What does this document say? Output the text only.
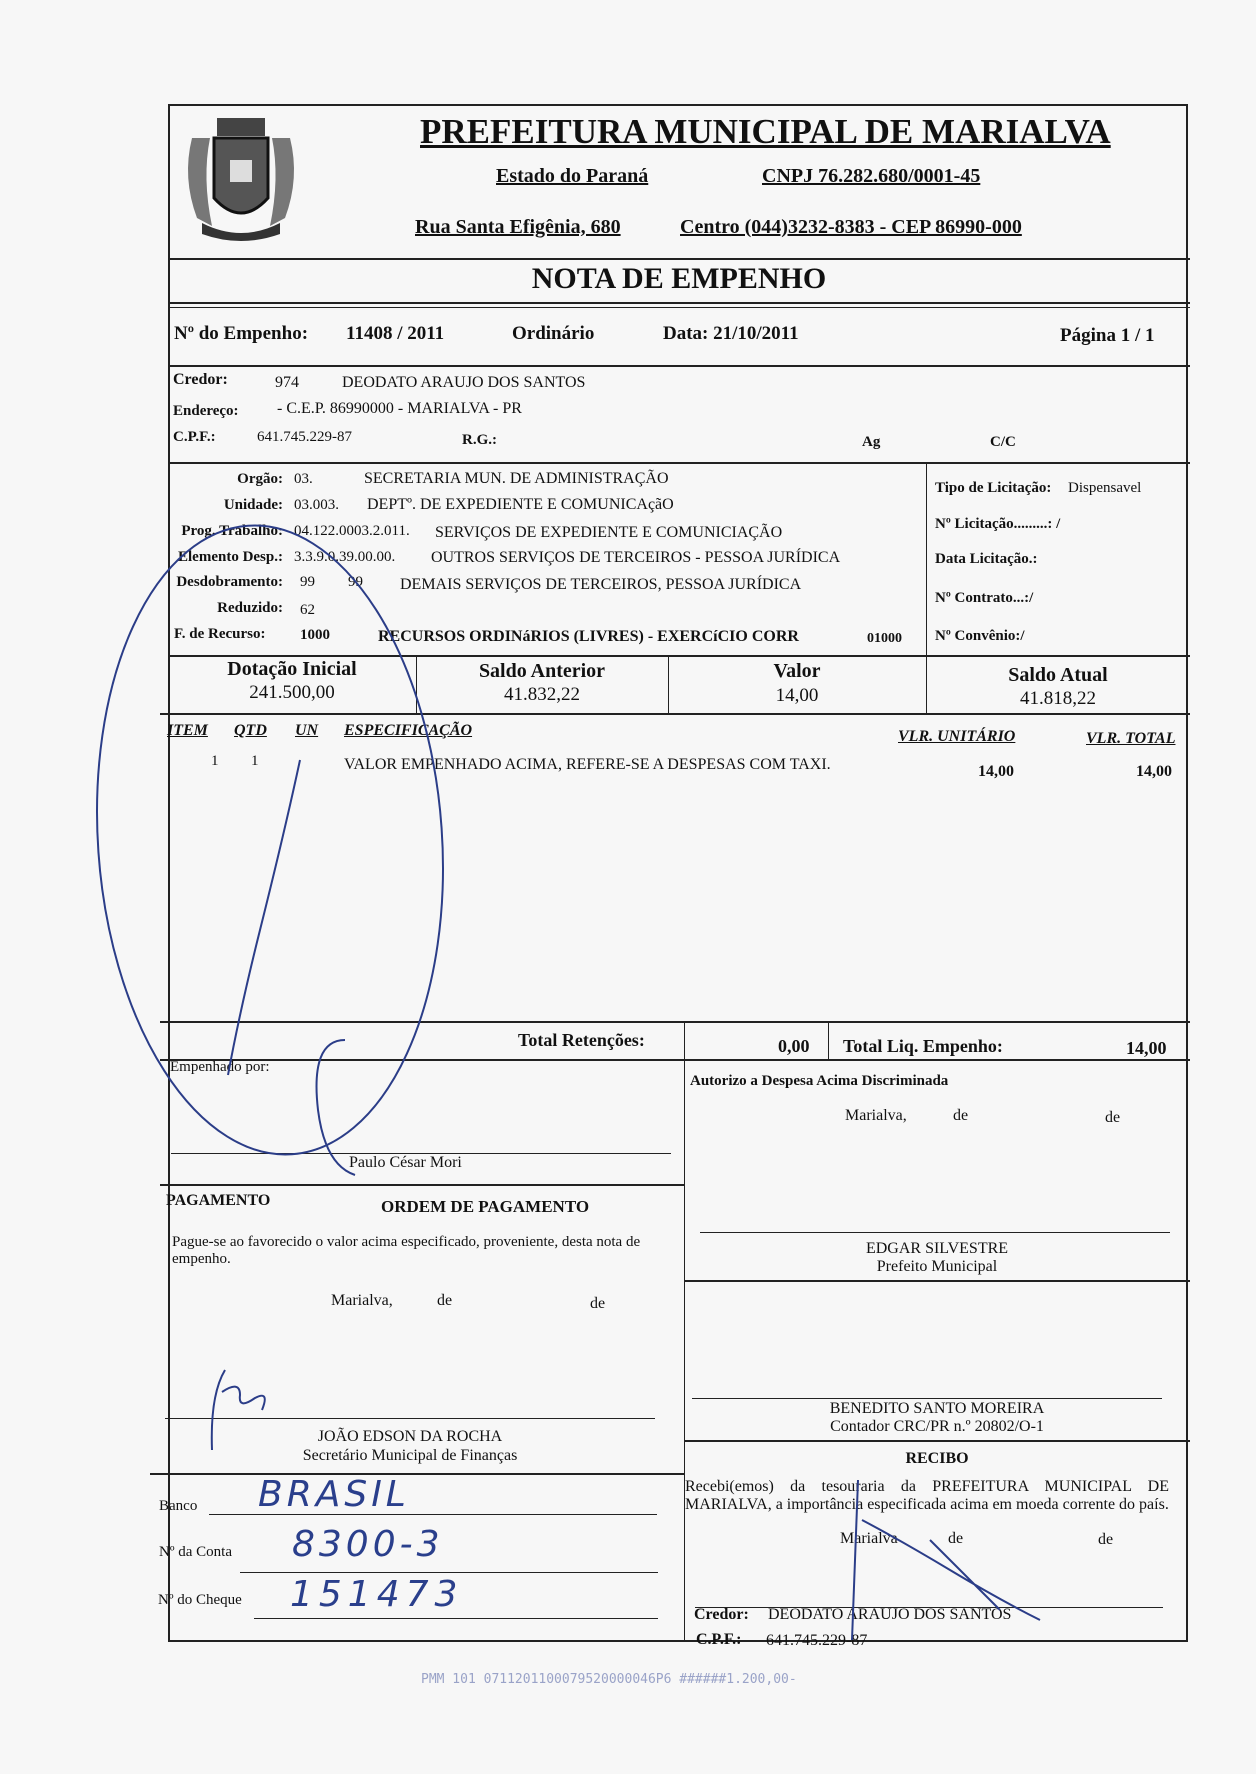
PREFEITURA MUNICIPAL DE MARIALVA
Estado do Paraná	CNPJ 76.282.680/0001-45
Rua Santa Efigênia, 680	Centro (044)3232-8383 - CEP 86990-000
NOTA DE EMPENHO
Nº do Empenho: 11408 / 2011	Ordinário	Data: 21/10/2011	Página 1 / 1
Credor:	974	DEODATO ARAUJO DOS SANTOS
Endereço: - C.E.P. 86990000 - MARIALVA - PR
C.P.F.:	641.745.229-87	R.G.:	Ag	C/C
Orgão: 03.	SECRETARIA MUN. DE ADMINISTRAÇÃO
Unidade: 03.003. DEPTº. DE EXPEDIENTE E COMUNICAçãO
Prog. Trabalho: 04.122.0003.2.011. SERVIÇOS DE EXPEDIENTE E COMUNICIAÇÃO
Elemento Desp.: 3.3.9.0.39.00.00. OUTROS SERVIÇOS DE TERCEIROS - PESSOA JURÍDICA
Desdobramento: 99 99 DEMAIS SERVIÇOS DE TERCEIROS, PESSOA JURÍDICA
Reduzido: 62
F. de Recurso: 1000	RECURSOS ORDINáRIOS (LIVRES) - EXERCíCIO CORR	01000
Tipo de Licitação: Dispensavel
Nº Licitação.........: /
Data Licitação.:
Nº Contrato...:/
Nº Convênio:/
Dotação Inicial
241.500,00
Saldo Anterior
41.832,22
Valor
14,00
Saldo Atual
41.818,22
ITEM QTD UN ESPECIFICAÇÃO	VLR. UNITÁRIO	VLR. TOTAL
1 1	VALOR EMPENHADO ACIMA, REFERE-SE A DESPESAS COM TAXI.	14,00	14,00
Total Retenções:	0,00 Total Liq. Empenho:	14,00
Empenhado por:
Paulo César Mori
Autorizo a Despesa Acima Discriminada
Marialva,	de	de
EDGAR SILVESTRE
Prefeito Municipal
PAGAMENTO	ORDEM DE PAGAMENTO
Pague-se ao favorecido o valor acima especificado, proveniente, desta nota de empenho.
Marialva,	de	de
JOÃO EDSON DA ROCHA
Secretário Municipal de Finanças
BENEDITO SANTO MOREIRA
Contador CRC/PR n.º 20802/O-1
RECIBO
Recebi(emos) da tesouraria da PREFEITURA MUNICIPAL DE MARIALVA, a importância especificada acima em moeda corrente do país.
Marialva	de	de
Credor: DEODATO ARAUJO DOS SANTOS
C.P.F.: 641.745.229-87
Banco BRASIL
Nº da Conta 8300-3
Nº do Cheque 151473
PMM 101 0711201100079520000046P6 ######1.200,00-
